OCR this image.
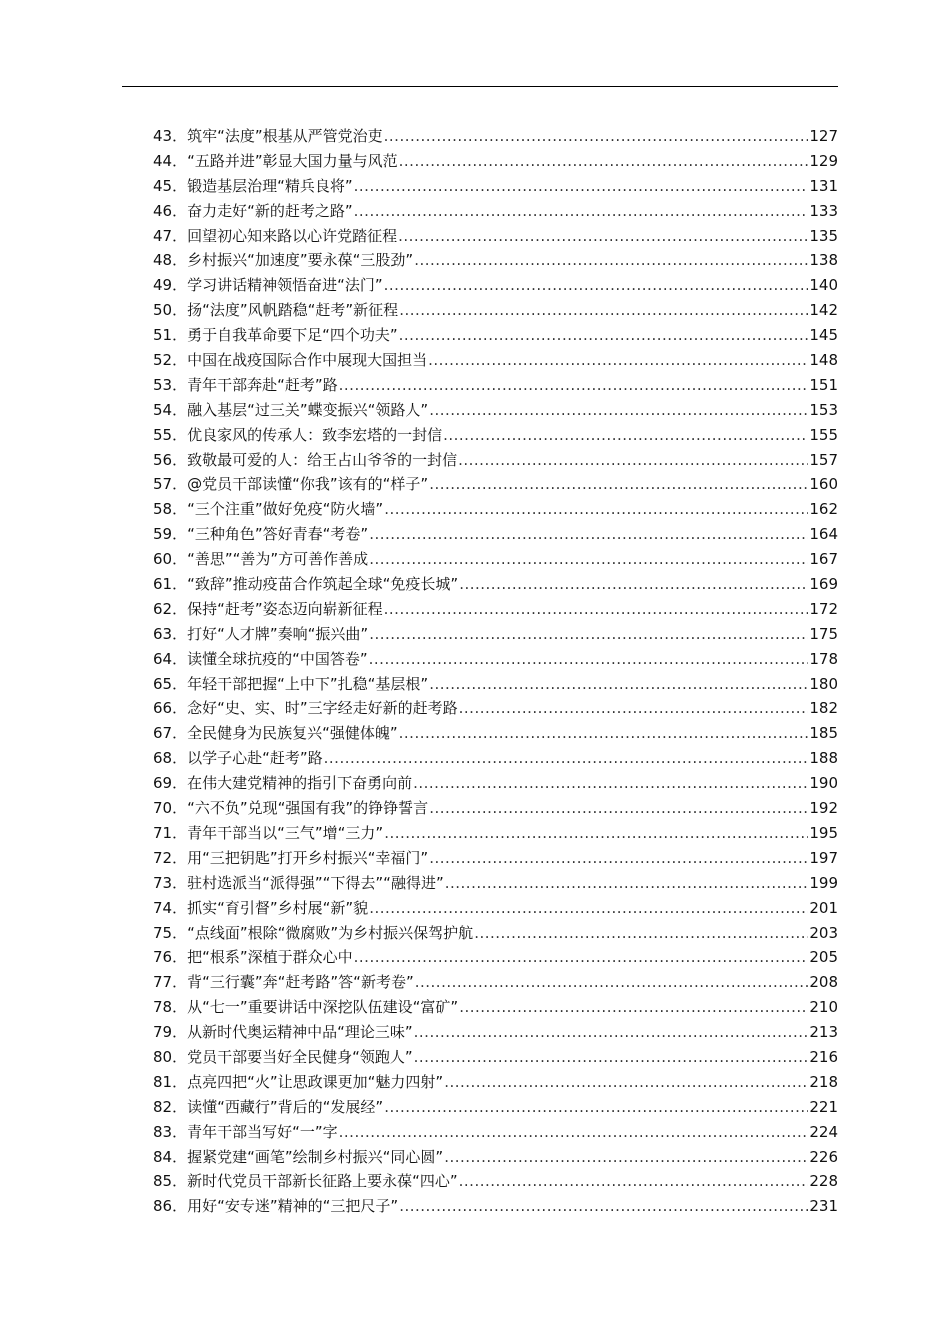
43． 筑牢“法度”根基从严管党治吏 .....	127
44． “五路并进”彰显大国力量与风范 .....	129
45． 锻造基层治理“精兵良将” .....	131
46． 奋力走好“新的赶考之路” .....	133
47． 回望初心知来路以心许党踏征程 .....	135
48． 乡村振兴“加速度”要永葆“三股劲” .....	138
49． 学习讲话精神领悟奋进“法门” .....	140
50． 扬“法度”风帆踏稳“赶考”新征程 .....	142
51． 勇于自我革命要下足“四个功夫” .....	145
52． 中国在战疫国际合作中展现大国担当 .....	148
53． 青年干部奔赴“赶考”路 .....	151
54． 融入基层“过三关”蝶变振兴“领路人” .....	153
55． 优良家风的传承人：致李宏塔的一封信 .....	155
56． 致敬最可爱的人：给王占山爷爷的一封信 .....	157
57． @党员干部读懂“你我”该有的“样子” .....	160
58． “三个注重”做好免疫“防火墙” .....	162
59． “三种角色”答好青春“考卷” .....	164
60． “善思”“善为”方可善作善成 .....	167
61． “致辞”推动疫苗合作筑起全球“免疫长城” .....	169
62． 保持“赶考”姿态迈向崭新征程 .....	172
63． 打好“人才牌”奏响“振兴曲” .....	175
64． 读懂全球抗疫的“中国答卷” .....	178
65． 年轻干部把握“上中下”扎稳“基层根” .....	180
66． 念好“史、实、时”三字经走好新的赶考路 .....	182
67． 全民健身为民族复兴“强健体魄” .....	185
68． 以学子心赴“赶考”路 .....	188
69． 在伟大建党精神的指引下奋勇向前 .....	190
70． “六不负”兑现“强国有我”的铮铮誓言 .....	192
71． 青年干部当以“三气”增“三力” .....	195
72． 用“三把钥匙”打开乡村振兴“幸福门” .....	197
73． 驻村选派当“派得强”“下得去”“融得进” .....	199
74． 抓实“育引督”乡村展“新”貌 .....	201
75． “点线面”根除“微腐败”为乡村振兴保驾护航 .....	203
76． 把“根系”深植于群众心中 .....	205
77． 背“三行囊”奔“赶考路”答“新考卷” .....	208
78． 从“七一”重要讲话中深挖队伍建设“富矿” .....	210
79． 从新时代奥运精神中品“理论三味” .....	213
80． 党员干部要当好全民健身“领跑人” .....	216
81． 点亮四把“火”让思政课更加“魅力四射” .....	218
82． 读懂“西藏行”背后的“发展经” .....	221
83． 青年干部当写好“一”字 .....	224
84． 握紧党建“画笔”绘制乡村振兴“同心圆” .....	226
85． 新时代党员干部新长征路上要永葆“四心” .....	228
86． 用好“安专迷”精神的“三把尺子” .....	231
